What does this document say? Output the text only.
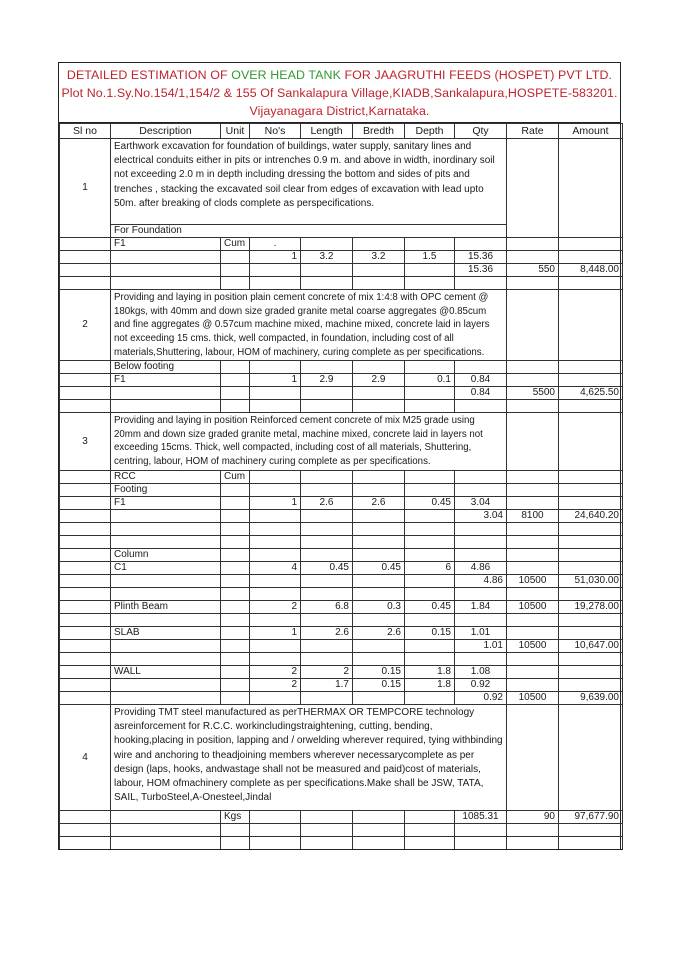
DETAILED ESTIMATION OF OVER HEAD TANK FOR JAAGRUTHI FEEDS (HOSPET) PVT LTD. Plot No.1.Sy.No.154/1,154/2 & 155 Of Sankalapura Village,KIADB,Sankalapura,HOSPETE-583201. Vijayanagara District,Karnataka.
Sl no	Description	Unit	No's	Length	Bredth	Depth	Qty	Rate	Amount
1	Earthwork excavation for foundation of buildings, water supply, sanitary lines and electrical conduits either in pits or intrenches 0.9 m. and above in width, inordinary soil not exceeding 2.0 m in depth including dressing the bottom and sides of pits and trenches , stacking the excavated soil clear from edges of excavation with lead upto 50m. after breaking of clods complete as perspecifications.								
	For Foundation								
	F1	Cum	.						
			1	3.2	3.2	1.5	15.36		
							15.36	550	8,448.00

2	Providing and laying in position plain cement concrete of mix 1:4:8 with OPC cement @ 180kgs, with 40mm and down size graded granite metal coarse aggregates @0.85cum and fine aggregates @ 0.57cum machine mixed, machine mixed, concrete laid in layers not exceeding 15 cms. thick, well compacted, in foundation, including cost of all materials,Shuttering, labour, HOM of machinery, curing complete as per specifications.								
	Below footing								
	F1		1	2.9	2.9	0.1	0.84		
							0.84	5500	4,625.50

3	Providing and laying in position Reinforced cement concrete of mix M25 grade using 20mm and down size graded granite metal, machine mixed, concrete laid in layers not exceeding 15cms. Thick, well compacted, including cost of all materials, Shuttering, centring, labour, HOM of machinery curing complete as per specifications.								
	RCC	Cum							
	Footing								
	F1		1	2.6	2.6	0.45	3.04		
							3.04	8100	24,640.20

	Column								
	C1		4	0.45	0.45	6	4.86		
							4.86	10500	51,030.00

	Plinth Beam		2	6.8	0.3	0.45	1.84	10500	19,278.00

	SLAB		1	2.6	2.6	0.15	1.01		
							1.01	10500	10,647.00

	WALL		2	2	0.15	1.8	1.08		
			2	1.7	0.15	1.8	0.92		
							0.92	10500	9,639.00
4	Providing TMT steel manufactured as perTHERMAX OR TEMPCORE technology asreinforcement for R.C.C. workincludingstraightening, cutting, bending, hooking,placing in position, lapping and / orwelding wherever required, tying withbinding wire and anchoring to theadjoining members wherever necessarycomplete as per design (laps, hooks, andwastage shall not be measured and paid)cost of materials, labour, HOM ofmachinery complete as per specifications.Make shall be JSW, TATA, SAIL, TurboSteel,A-Onesteel,Jindal								
		Kgs					1085.31	90	97,677.90
